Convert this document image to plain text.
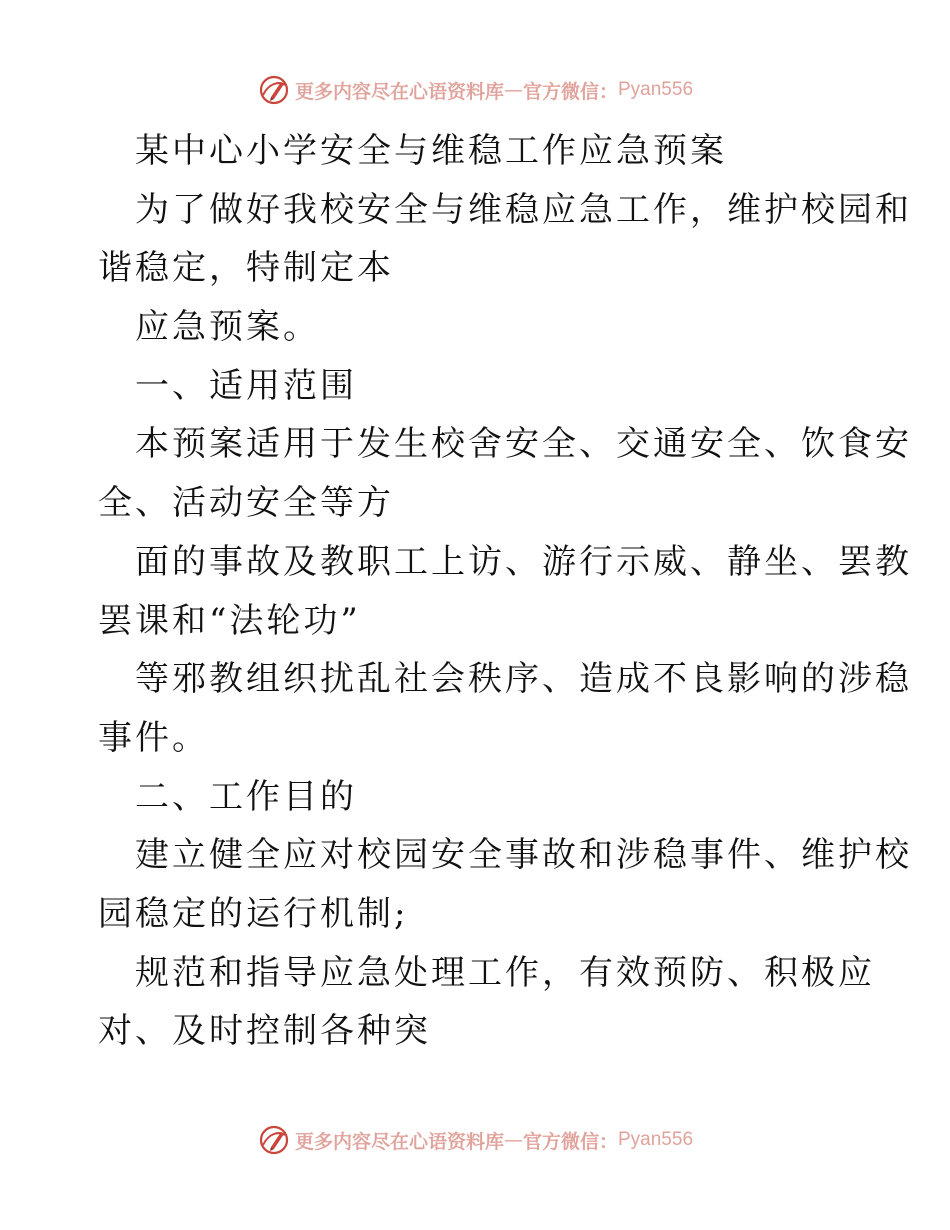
更多内容尽在心语资料库 — 官方微信： Pyan556
某中心小学安全与维稳工作应急预案
为了做好我校安全与维稳应急工作，维护校园和
谐稳定，特制定本
应急预案。
一、适用范围
本预案适用于发生校舍安全、交通安全、饮食安
全、活动安全等方
面的事故及教职工上访、游行示威、静坐、罢教
罢课和“法轮功”
等邪教组织扰乱社会秩序、造成不良影响的涉稳
事件。
二、工作目的
建立健全应对校园安全事故和涉稳事件、维护校
园稳定的运行机制;
规范和指导应急处理工作，有效预防、积极应
对、及时控制各种突
更多内容尽在心语资料库 — 官方微信： Pyan556
